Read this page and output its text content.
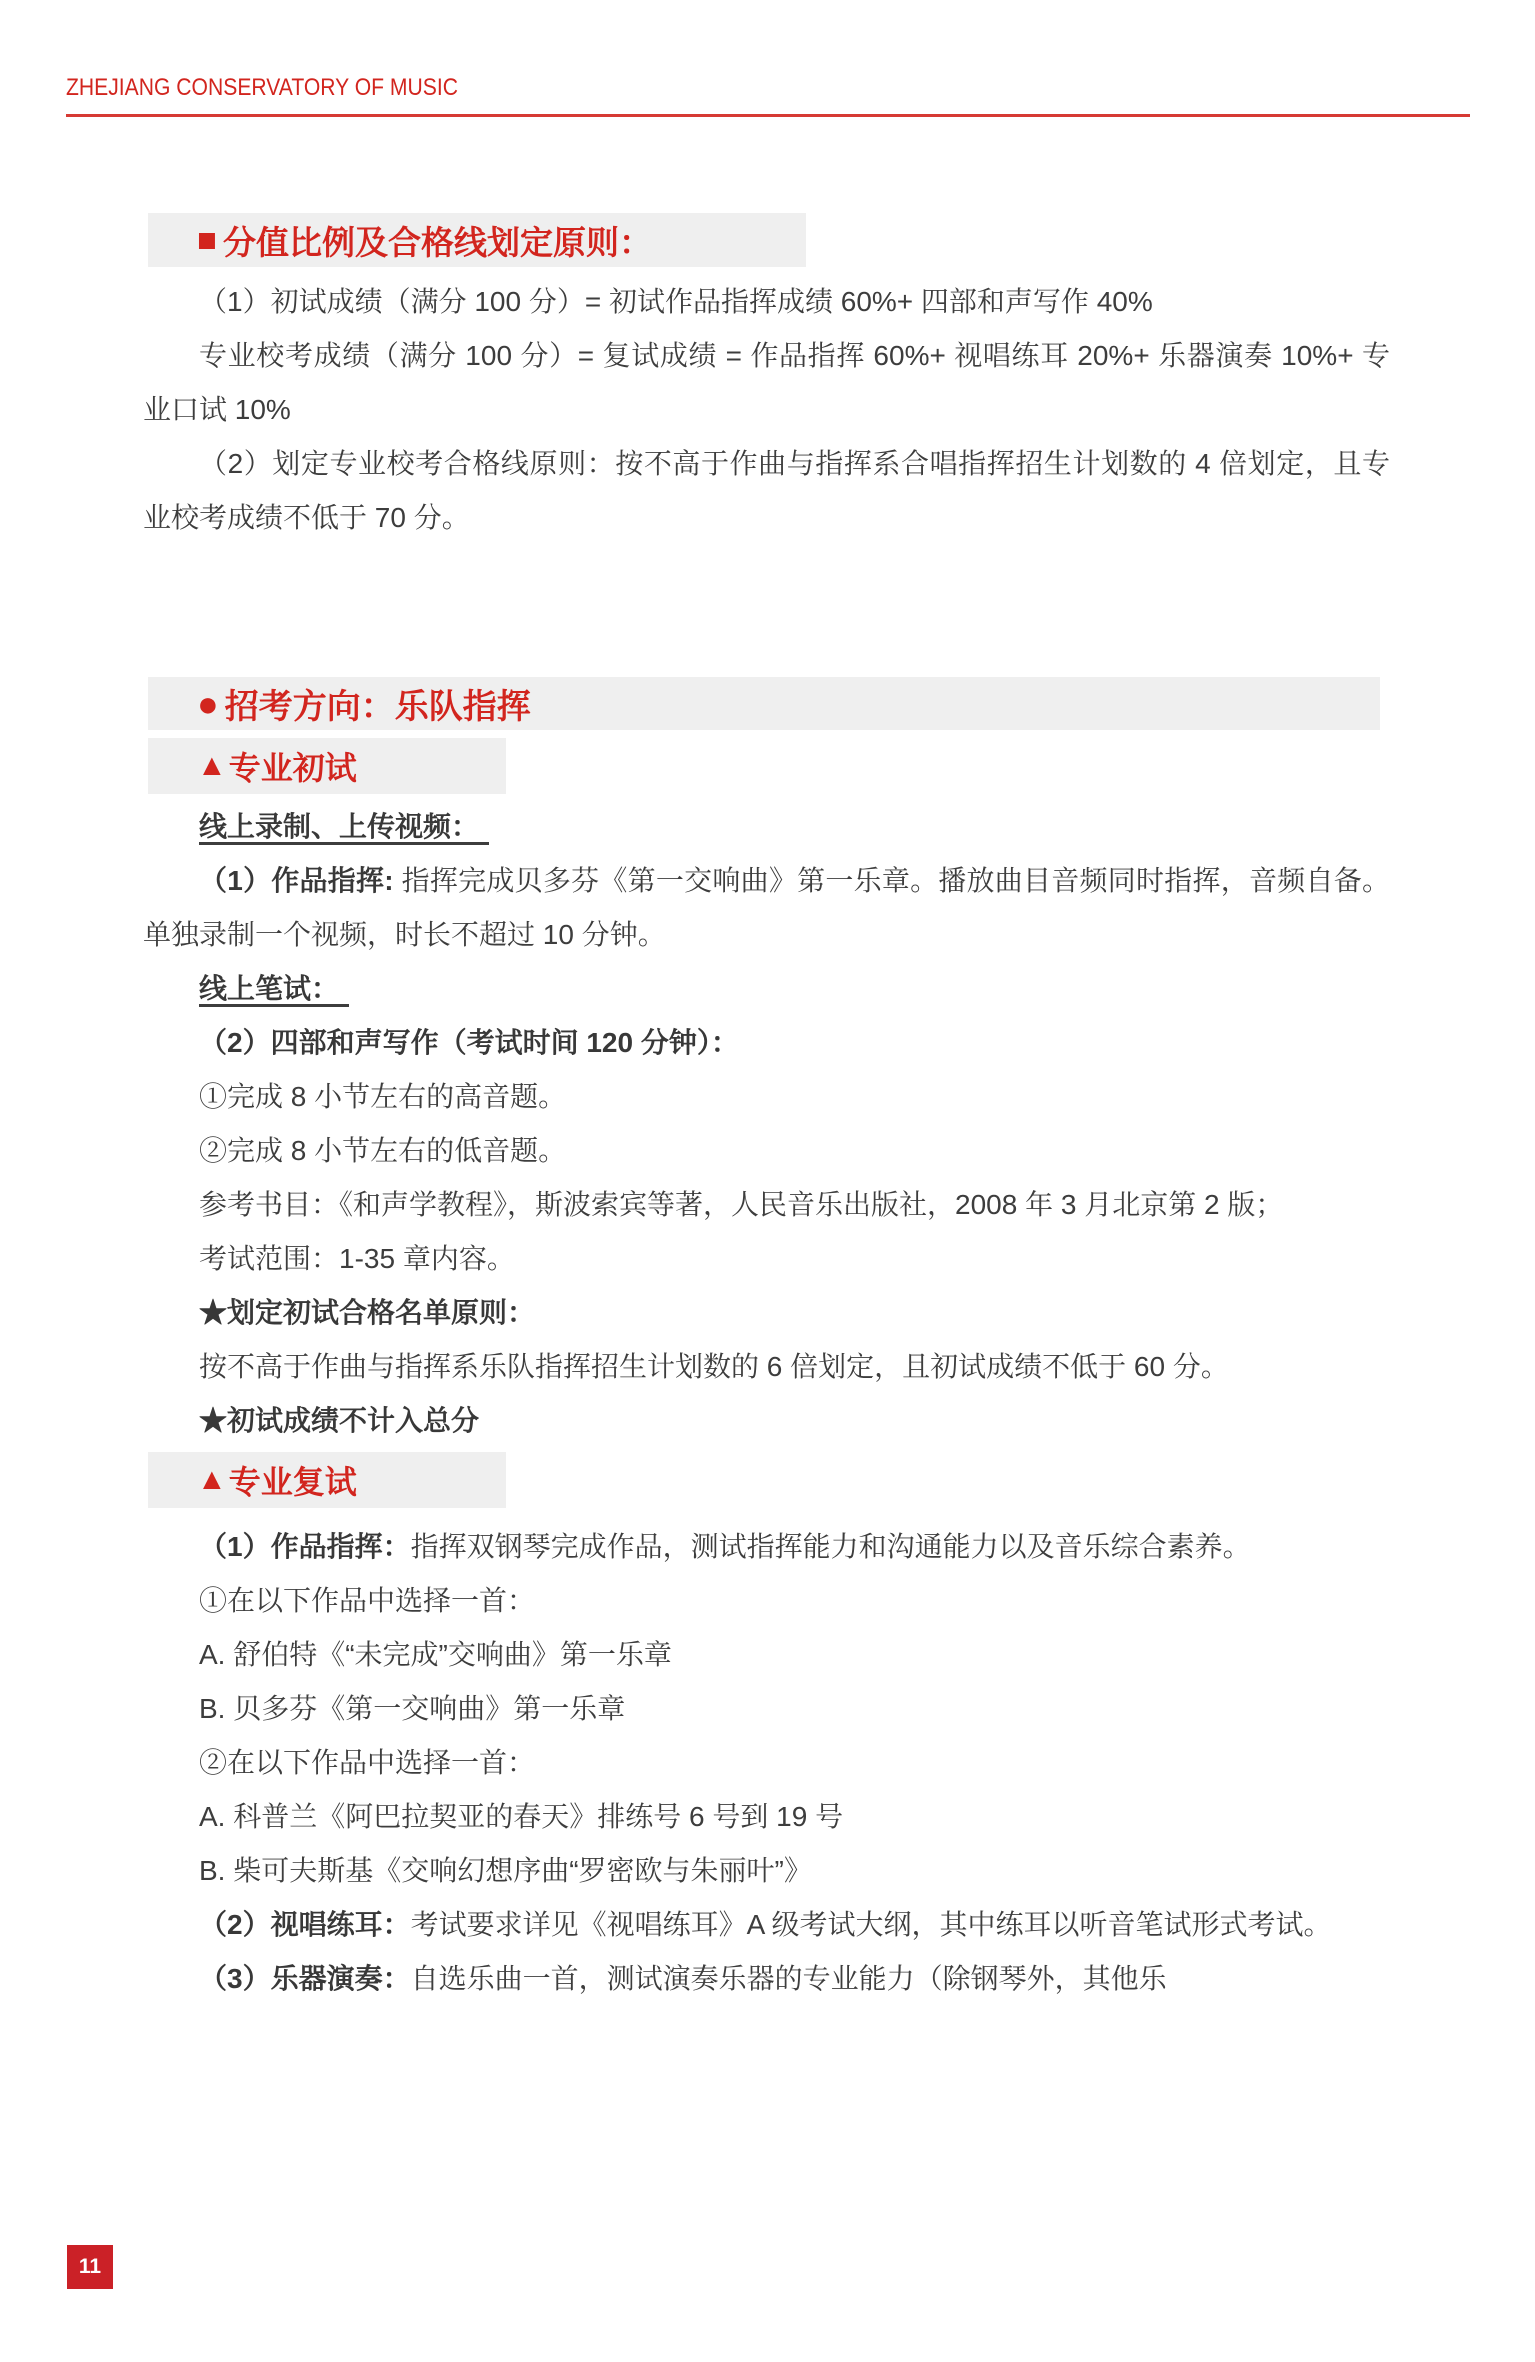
ZHEJIANG CONSERVATORY OF MUSIC
■ 分值比例及合格线划定原则：

（1）初试成绩（满分 100 分）= 初试作品指挥成绩 60%+ 四部和声写作 40%

专业校考成绩（满分 100 分）= 复试成绩 = 作品指挥 60%+ 视唱练耳 20%+ 乐器演奏 10%+ 专业口试 10%

（2）划定专业校考合格线原则：按不高于作曲与指挥系合唱指挥招生计划数的 4 倍划定，且专业校考成绩不低于 70 分。

● 招考方向：乐队指挥
▲ 专业初试

线上录制、上传视频：

（1）作品指挥: 指挥完成贝多芬《第一交响曲》第一乐章。播放曲目音频同时指挥，音频自备。单独录制一个视频，时长不超过 10 分钟。

线上笔试：

（2）四部和声写作（考试时间 120 分钟）：

①完成 8 小节左右的高音题。

②完成 8 小节左右的低音题。

参考书目：《和声学教程》，斯波索宾等著，人民音乐出版社，2008 年 3 月北京第 2 版；

考试范围：1-35 章内容。

★划定初试合格名单原则：

按不高于作曲与指挥系乐队指挥招生计划数的 6 倍划定，且初试成绩不低于 60 分。

★初试成绩不计入总分

▲ 专业复试

（1）作品指挥：指挥双钢琴完成作品，测试指挥能力和沟通能力以及音乐综合素养。

①在以下作品中选择一首：

A. 舒伯特《“未完成”交响曲》第一乐章

B. 贝多芬《第一交响曲》第一乐章

②在以下作品中选择一首：

A. 科普兰《阿巴拉契亚的春天》排练号 6 号到 19 号

B. 柴可夫斯基《交响幻想序曲“罗密欧与朱丽叶”》

（2）视唱练耳：考试要求详见《视唱练耳》A 级考试大纲，其中练耳以听音笔试形式考试。

（3）乐器演奏：自选乐曲一首，测试演奏乐器的专业能力（除钢琴外，其他乐

11
